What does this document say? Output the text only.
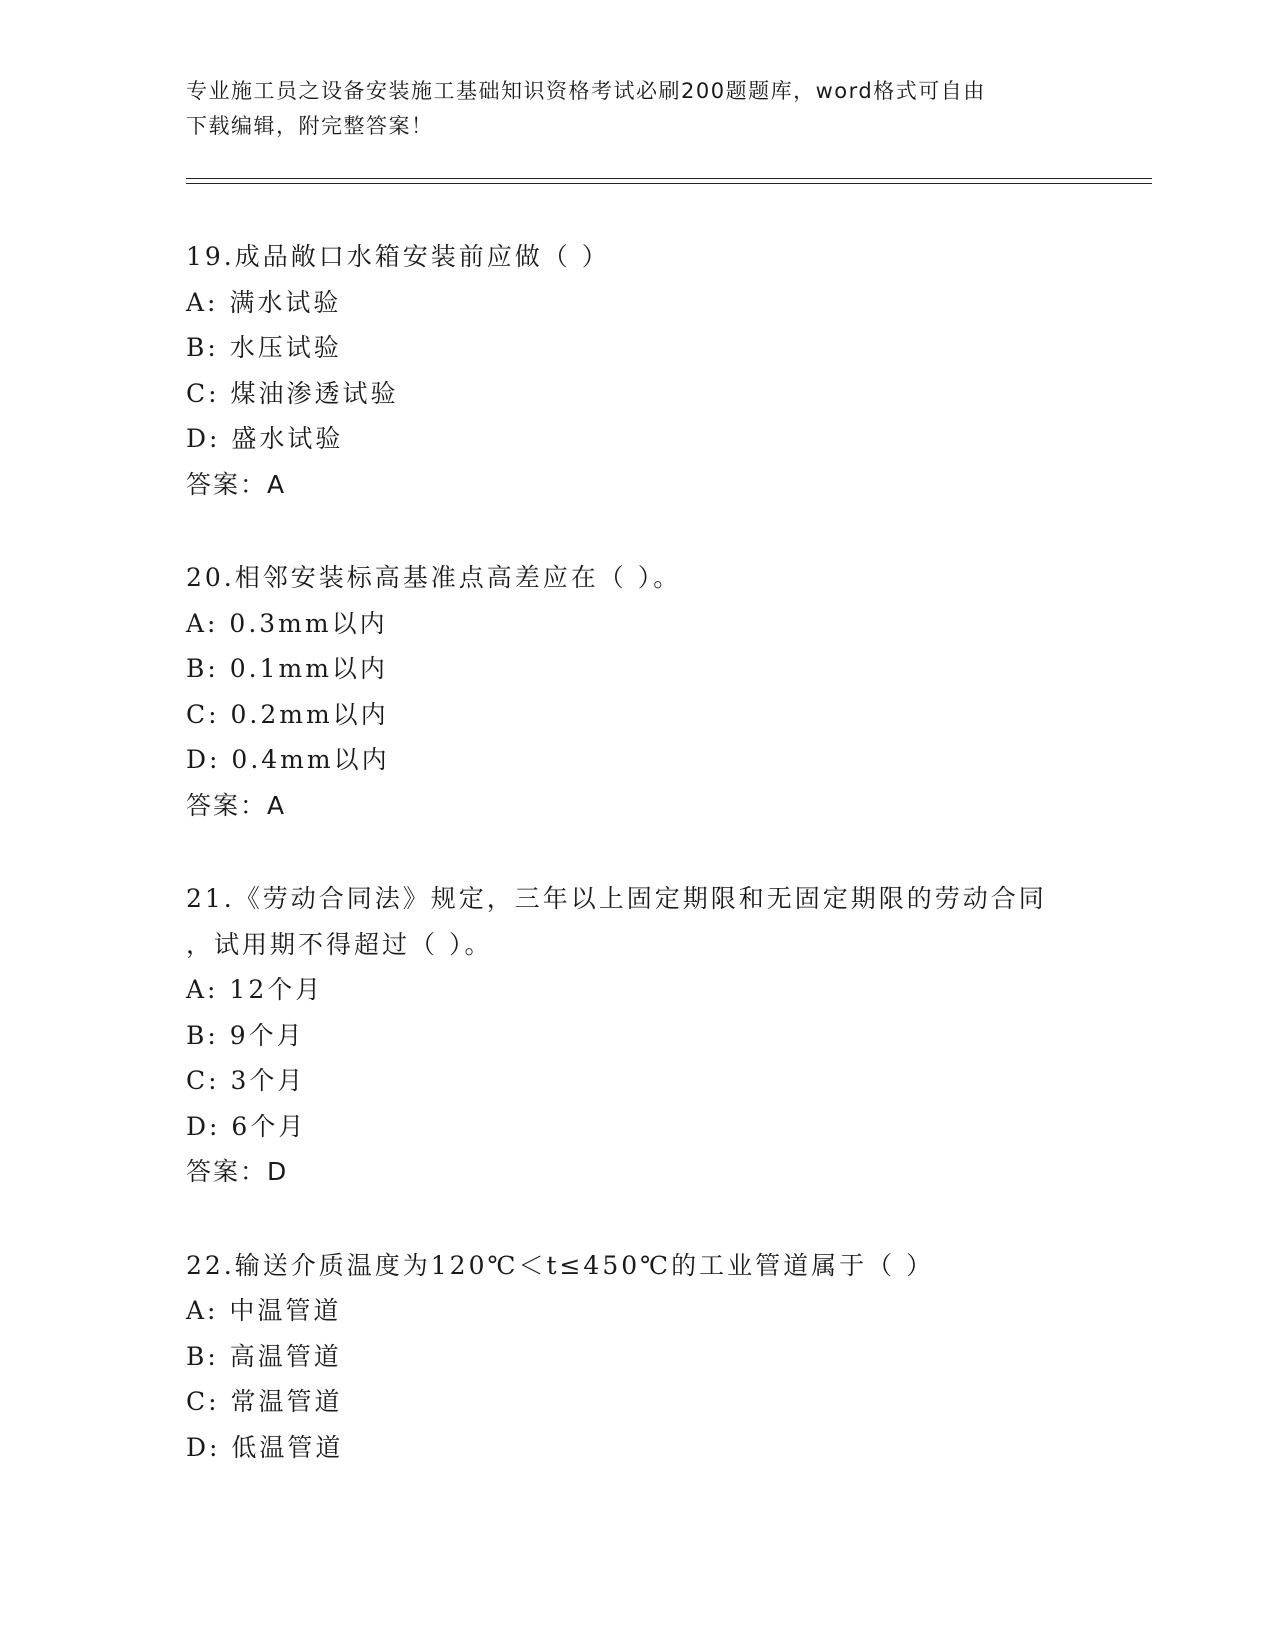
专业施工员之设备安装施工基础知识资格考试必刷200题题库，word格式可自由
下载编辑，附完整答案！
19.成品敞口水箱安装前应做（ ）
A: 满水试验
B: 水压试验
C: 煤油渗透试验
D: 盛水试验
答案：A
20.相邻安装标高基准点高差应在（ ）。
A: 0.3mm以内
B: 0.1mm以内
C: 0.2mm以内
D: 0.4mm以内
答案：A
21.《劳动合同法》规定，三年以上固定期限和无固定期限的劳动合同
，试用期不得超过（ ）。
A: 12个月
B: 9个月
C: 3个月
D: 6个月
答案：D
22.输送介质温度为120℃＜t≤450℃的工业管道属于（ ）
A: 中温管道
B: 高温管道
C: 常温管道
D: 低温管道
